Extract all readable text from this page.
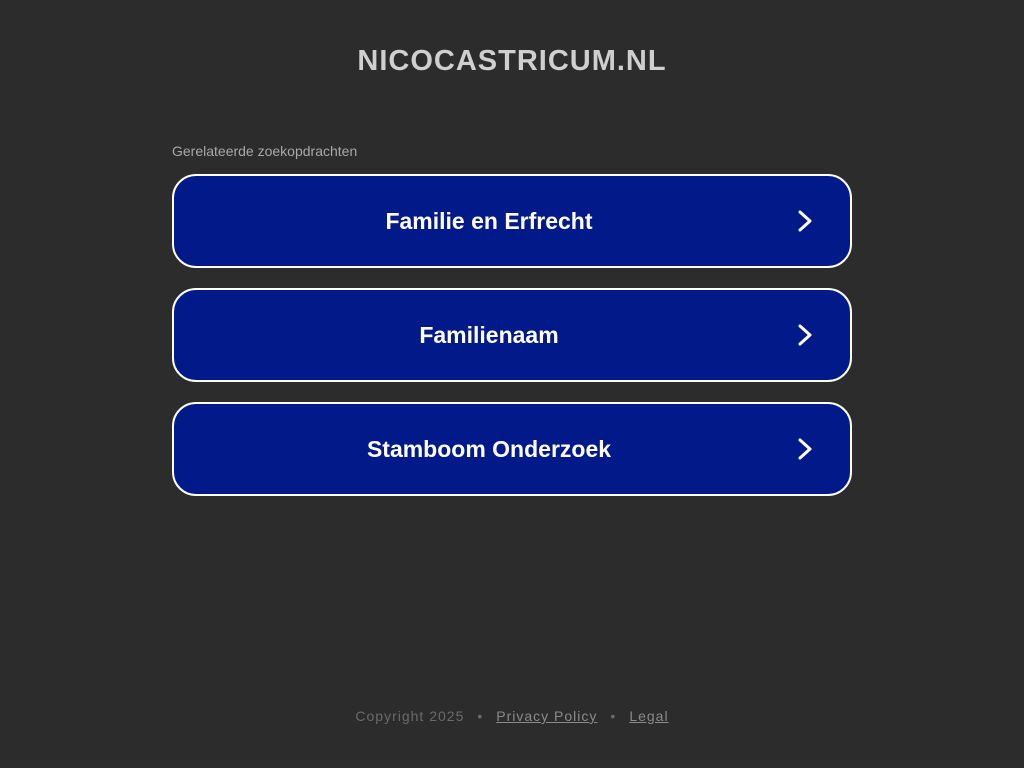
NICOCASTRICUM.NL
Gerelateerde zoekopdrachten
Familie en Erfrecht
Familienaam
Stamboom Onderzoek
Copyright 2025 • Privacy Policy • Legal
